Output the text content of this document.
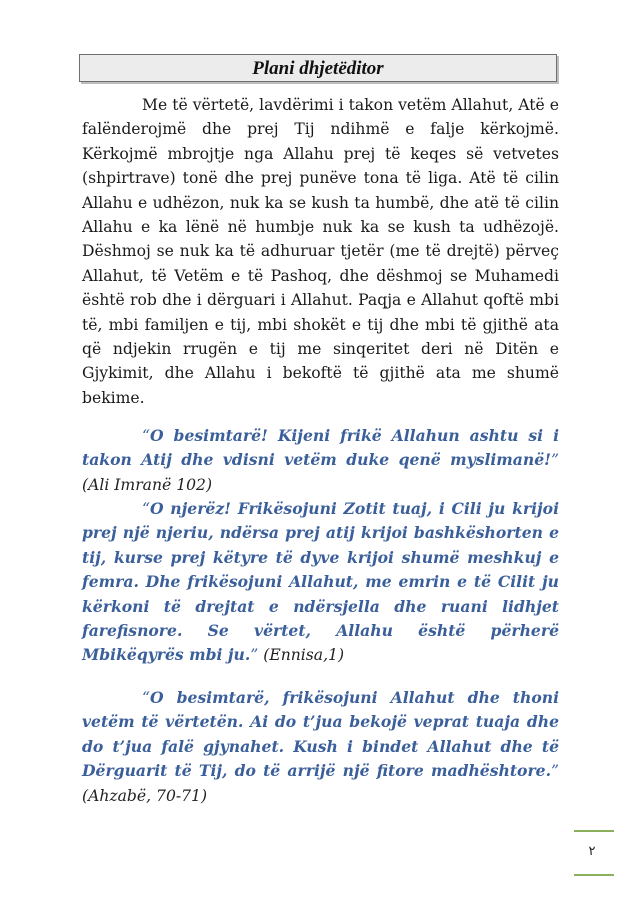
Plani dhjetëditor

Me të vërtetë, lavdërimi i takon vetëm Allahut, Atë e falënderojmë dhe prej Tij ndihmë e falje kërkojmë. Kërkojmë mbrojtje nga Allahu prej të keqes së vetvetes (shpirtrave) tonë dhe prej punëve tona të liga. Atë të cilin Allahu e udhëzon, nuk ka se kush ta humbë, dhe atë të cilin Allahu e ka lënë në humbje nuk ka se kush ta udhëzojë. Dëshmoj se nuk ka të adhuruar tjetër (me të drejtë) përveç Allahut, të Vetëm e të Pashoq, dhe dëshmoj se Muhamedi është rob dhe i dërguari i Allahut. Paqja e Allahut qoftë mbi të, mbi familjen e tij, mbi shokët e tij dhe mbi të gjithë ata që ndjekin rrugën e tij me sinqeritet deri në Ditën e Gjykimit, dhe Allahu i bekoftë të gjithë ata me shumë bekime.

“O besimtarë! Kijeni frikë Allahun ashtu si i takon Atij dhe vdisni vetëm duke qenë myslimanë!” (Ali Imranë 102)

“O njerëz! Frikësojuni Zotit tuaj, i Cili ju krijoi prej një njeriu, ndërsa prej atij krijoi bashkëshorten e tij, kurse prej këtyre të dyve krijoi shumë meshkuj e femra. Dhe frikësojuni Allahut, me emrin e të Cilit ju kërkoni të drejtat e ndërsjella dhe ruani lidhjet farefisnore. Se vërtet, Allahu është përherë Mbikëqyrës mbi ju.” (Ennisa,1)

“O besimtarë, frikësojuni Allahut dhe thoni vetëm të vërtetën. Ai do t’jua bekojë veprat tuaja dhe do t’jua falë gjynahet. Kush i bindet Allahut dhe të Dërguarit të Tij, do të arrijë një fitore madhështore.” (Ahzabë, 70-71)

٢
